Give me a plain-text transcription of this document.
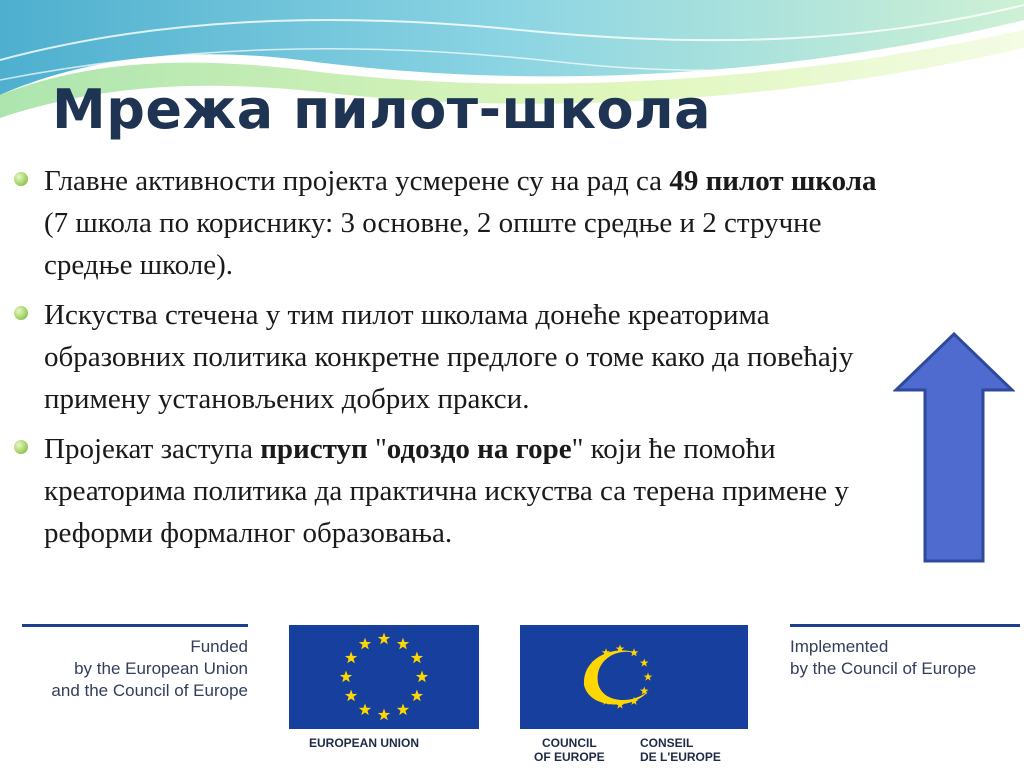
Мрежа пилот-школа
Главне активности пројекта усмерене су на рад са 49 пилот школа (7 школа по кориснику: 3 основне, 2 опште средње и 2 стручне средње школе).
Искуства стечена у тим пилот школама донеће креаторима образовних политика конкретне предлоге о томе како да повећају примену установљених добрих пракси.
Пројекат заступа приступ "одоздо на горе" који ће помоћи креаторима политика да практична искуства са терена примене у реформи формалног образовања.
Funded
by the European Union
and the Council of Europe
EUROPEAN UNION	COUNCIL
OF EUROPE
CONSEIL
DE L'EUROPE
Implemented
by the Council of Europe
